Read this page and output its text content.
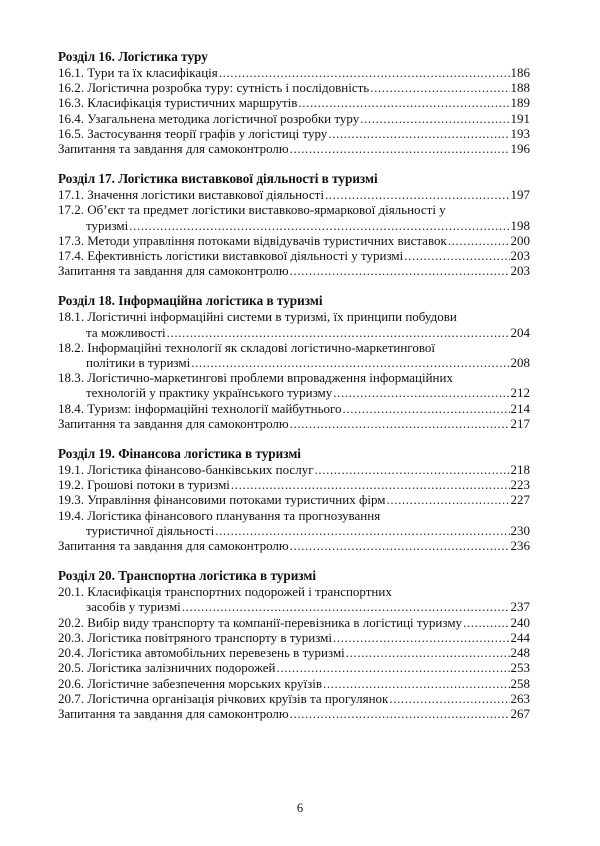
Розділ 16. Логістика туру
16.1. Тури та їх класифікація .....	186
16.2. Логістична розробка туру: сутність і послідовність .....	188
16.3. Класифікація туристичних маршрутів .....	189
16.4. Узагальнена методика логістичної розробки туру .....	191
16.5. Застосування теорії графів у логістиці туру .....	193
Запитання та завдання для самоконтролю .....	196
Розділ 17. Логістика виставкової діяльності в туризмі
17.1. Значення логістики виставкової діяльності .....	197
17.2. Об’єкт та предмет логістики виставково-ярмаркової діяльності у
туризмі .....	198
17.3. Методи управління потоками відвідувачів туристичних виставок .....	200
17.4. Ефективність логістики виставкової діяльності у туризмі .....	203
Запитання та завдання для самоконтролю .....	203
Розділ 18. Інформаційна логістика в туризмі
18.1. Логістичні інформаційні системи в туризмі, їх принципи побудови
та можливості .....	204
18.2. Інформаційні технології як складові логістично-маркетингової
політики в туризмі .....	208
18.3. Логістично-маркетингові проблеми впровадження інформаційних
технологій у практику українського туризму .....	212
18.4. Туризм: інформаційні технології майбутнього .....	214
Запитання та завдання для самоконтролю .....	217
Розділ 19. Фінансова логістика в туризмі
19.1. Логістика фінансово-банківських послуг .....	218
19.2. Грошові потоки в туризмі .....	223
19.3. Управління фінансовими потоками туристичних фірм .....	227
19.4. Логістика фінансового планування та прогнозування
туристичної діяльності .....	230
Запитання та завдання для самоконтролю .....	236
Розділ 20. Транспортна логістика в туризмі
20.1. Класифікація транспортних подорожей і транспортних
засобів у туризмі .....	237
20.2. Вибір виду транспорту та компанії-перевізника в логістиці туризму .....	240
20.3. Логістика повітряного транспорту в туризмі .....	244
20.4. Логістика автомобільних перевезень в туризмі .....	248
20.5. Логістика залізничних подорожей .....	253
20.6. Логістичне забезпечення морських круїзів .....	258
20.7. Логістична організація річкових круїзів та прогулянок .....	263
Запитання та завдання для самоконтролю .....	267
6
